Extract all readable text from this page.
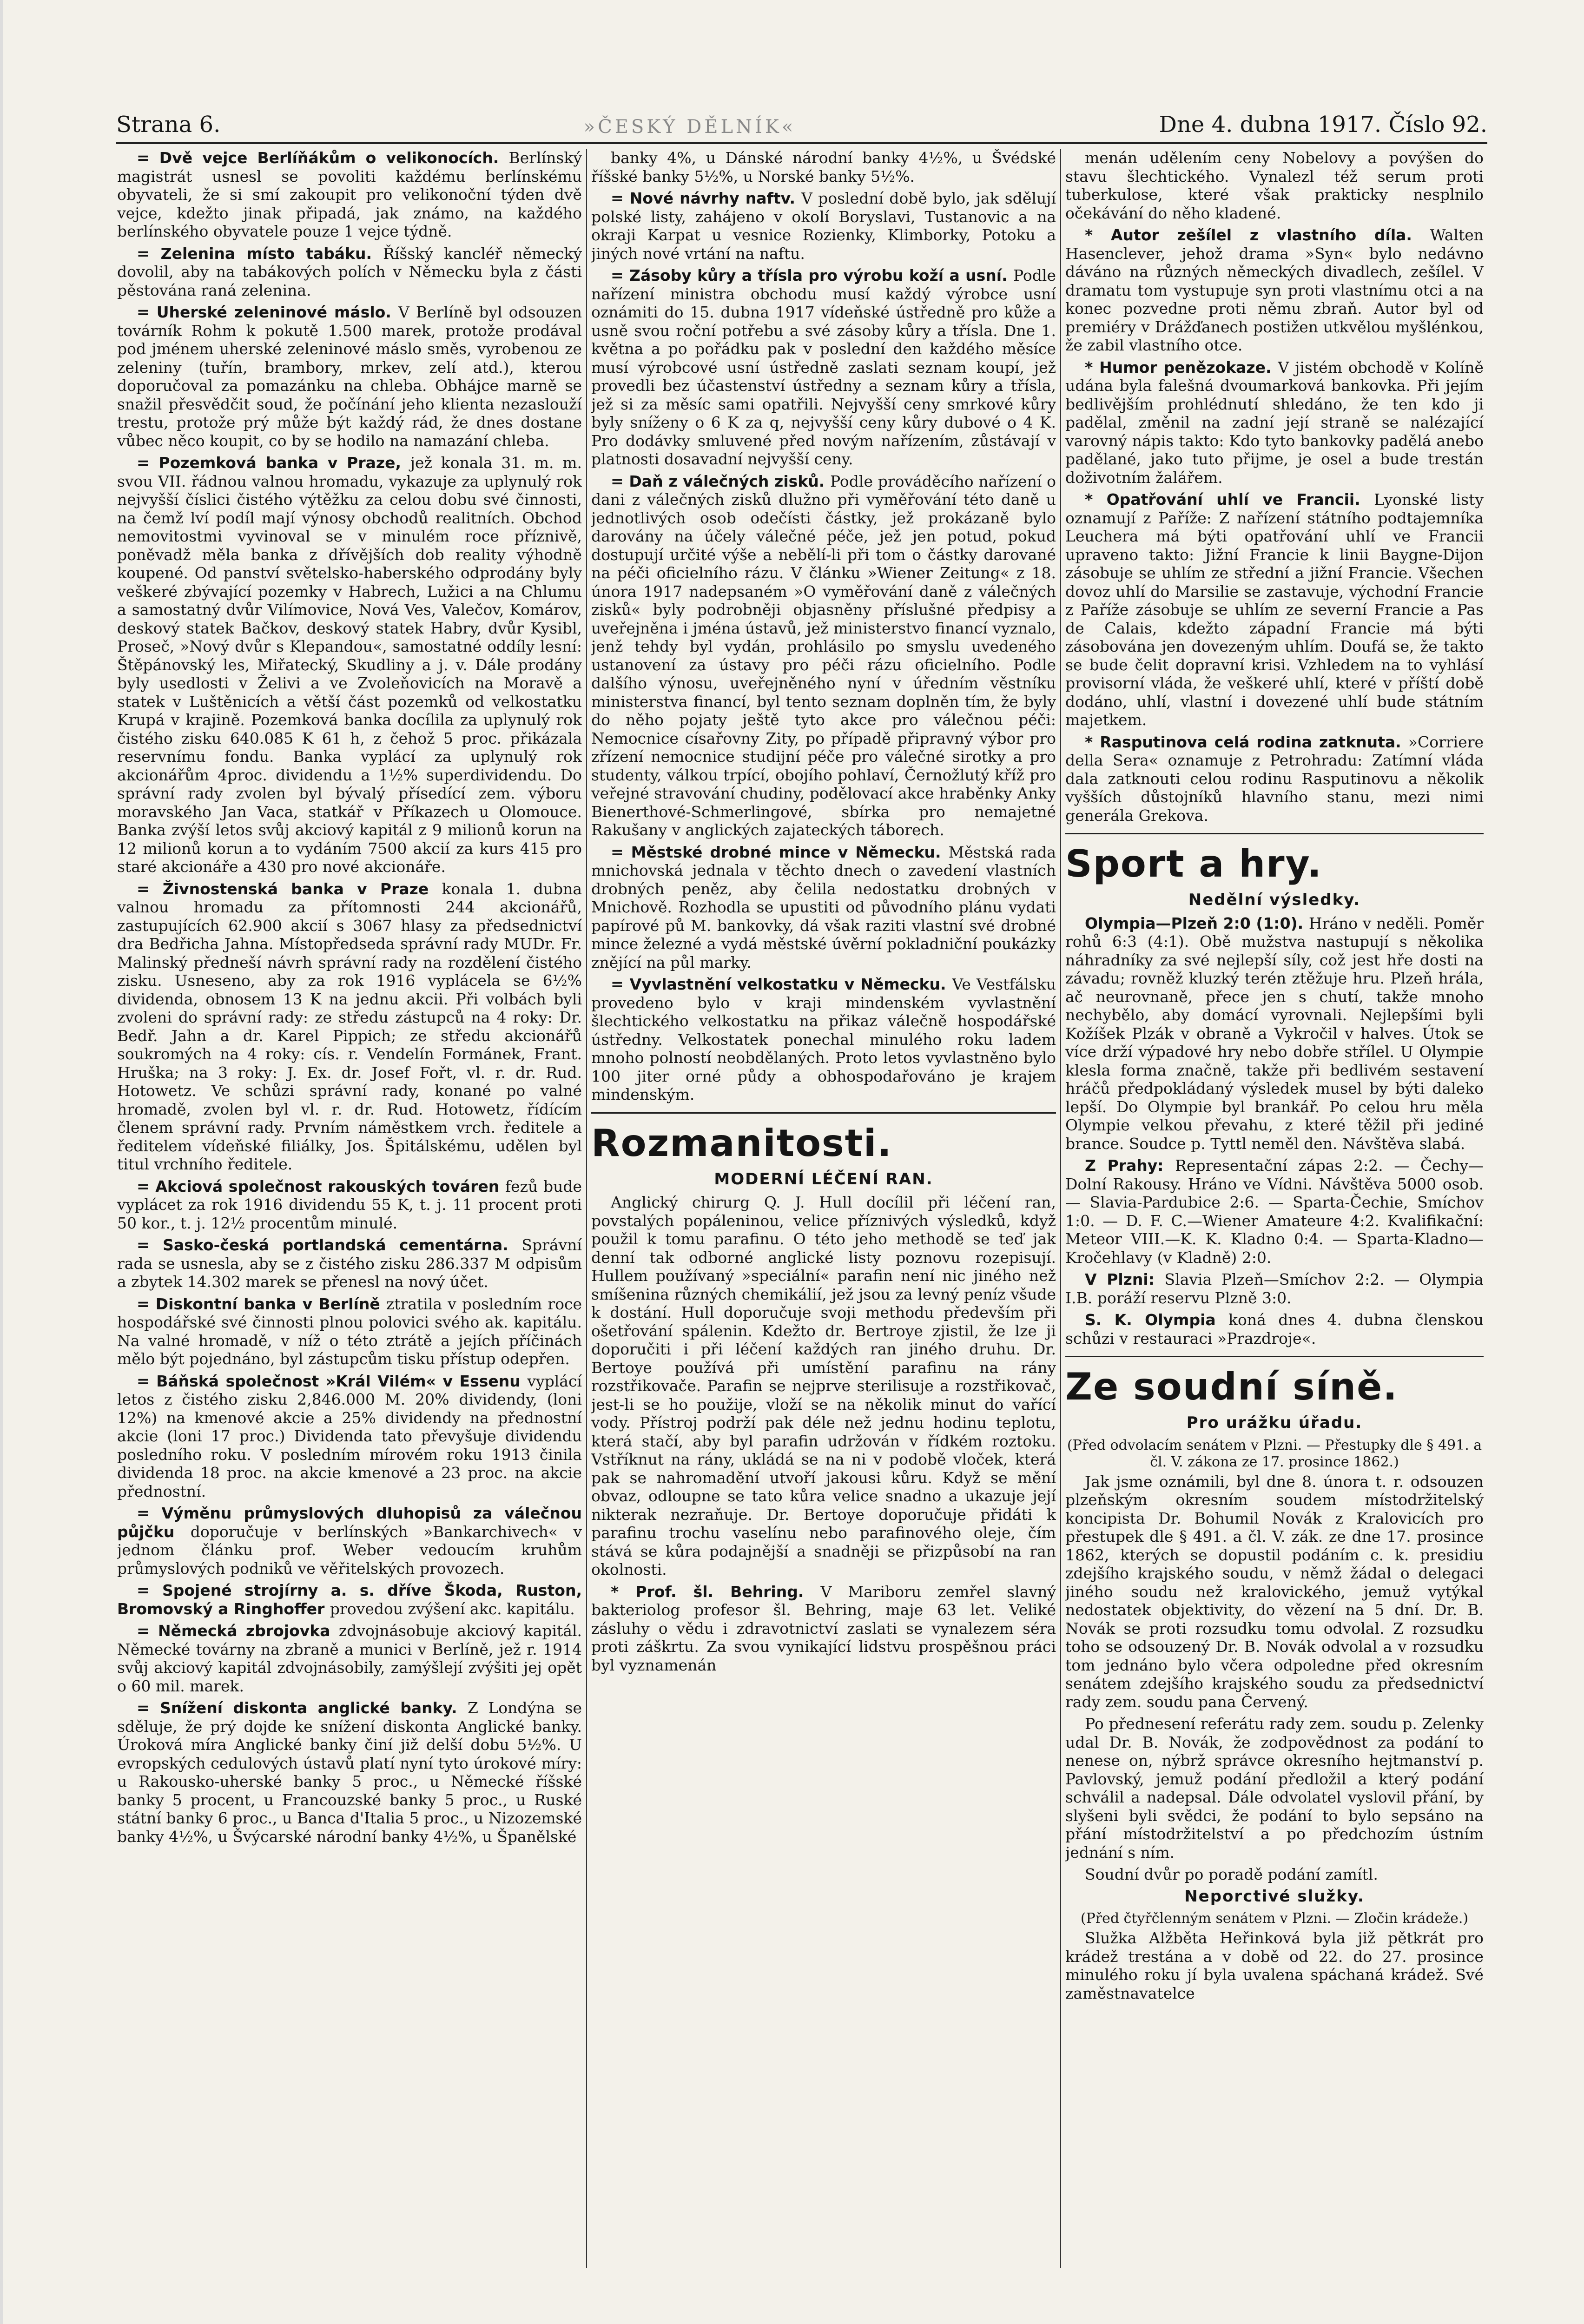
Strana 6.	»ČESKÝ DĚLNÍK«	Dne 4. dubna 1917. Číslo 92.

= Dvě vejce Berlíňákům o velikonocích. Berlínský magistrát usnesl se povoliti každému berlínskému obyvateli, že si smí zakoupit pro velikonoční týden dvě vejce, kdežto jinak připadá, jak známo, na každého berlínského obyvatele pouze 1 vejce týdně.

= Zelenina místo tabáku. Říšský kancléř německý dovolil, aby na tabákových polích v Německu byla z části pěstována raná zelenina.

= Uherské zeleninové máslo. V Berlíně byl odsouzen továrník Rohm k pokutě 1.500 marek, protože prodával pod jménem uherské zeleninové máslo směs, vyrobenou ze zeleniny (tuřín, brambory, mrkev, zelí atd.), kterou doporučoval za pomazánku na chleba. Obhájce marně se snažil přesvědčit soud, že počínání jeho klienta nezaslouží trestu, protože prý může být každý rád, že dnes dostane vůbec něco koupit, co by se hodilo na namazání chleba.

= Pozemková banka v Praze, jež konala 31. m. m. svou VII. řádnou valnou hromadu, vykazuje za uplynulý rok nejvyšší číslici čistého výtěžku za celou dobu své činnosti, na čemž lví podíl mají výnosy obchodů realitních. Obchod nemovitostmi vyvinoval se v minulém roce příznivě, poněvadž měla banka z dřívějších dob reality výhodně koupené. Od panství světelsko-haberského odprodány byly veškeré zbývající pozemky v Habrech, Lužici a na Chlumu a samostatný dvůr Vilímovice, Nová Ves, Valečov, Komárov, deskový statek Bačkov, deskový statek Habry, dvůr Kysibl, Proseč, »Nový dvůr s Klepandou«, samostatné oddíly lesní: Štěpánovský les, Miřatecký, Skudliny a j. v. Dále prodány byly usedlosti v Želivi a ve Zvoleňovicích na Moravě a statek v Luštěnicích a větší část pozemků od velkostatku Krupá v krajině. Pozemková banka docílila za uplynulý rok čistého zisku 640.085 K 61 h, z čehož 5 proc. přikázala reservnímu fondu. Banka vyplácí za uplynulý rok akcionářům 4proc. dividendu a 1½% superdividendu. Do správní rady zvolen byl bývalý přísedící zem. výboru moravského Jan Vaca, statkář v Příkazech u Olomouce. Banka zvýší letos svůj akciový kapitál z 9 milionů korun na 12 milionů korun a to vydáním 7500 akcií za kurs 415 pro staré akcionáře a 430 pro nové akcionáře.

= Živnostenská banka v Praze konala 1. dubna valnou hromadu za přítomnosti 244 akcionářů, zastupujících 62.900 akcií s 3067 hlasy za předsednictví dra Bedřicha Jahna. Místopředseda správní rady MUDr. Fr. Malinský předneší návrh správní rady na rozdělení čistého zisku. Usneseno, aby za rok 1916 vyplácela se 6½% dividenda, obnosem 13 K na jednu akcii. Při volbách byli zvoleni do správní rady: ze středu zástupců na 4 roky: Dr. Bedř. Jahn a dr. Karel Pippich; ze středu akcionářů soukromých na 4 roky: cís. r. Vendelín Formánek, Frant. Hruška; na 3 roky: J. Ex. dr. Josef Fořt, vl. r. dr. Rud. Hotowetz. Ve schůzi správní rady, konané po valné hromadě, zvolen byl vl. r. dr. Rud. Hotowetz, řídícím členem správní rady. Prvním náměstkem vrch. ředitele a ředitelem vídeňské filiálky, Jos. Špitálskému, udělen byl titul vrchního ředitele.

= Akciová společnost rakouských továren fezů bude vyplácet za rok 1916 dividendu 55 K, t. j. 11 procent proti 50 kor., t. j. 12½ procentům minulé.

= Sasko-česká portlandská cementárna. Správní rada se usnesla, aby se z čistého zisku 286.337 M odpisům a zbytek 14.302 marek se přenesl na nový účet.

= Diskontní banka v Berlíně ztratila v posledním roce hospodářské své činnosti plnou polovici svého ak. kapitálu. Na valné hromadě, v níž o této ztrátě a jejích příčinách mělo být pojednáno, byl zástupcům tisku přístup odepřen.

= Báňská společnost »Král Vilém« v Essenu vyplácí letos z čistého zisku 2,846.000 M. 20% dividendy, (loni 12%) na kmenové akcie a 25% dividendy na přednostní akcie (loni 17 proc.) Dividenda tato převyšuje dividendu posledního roku. V posledním mírovém roku 1913 činila dividenda 18 proc. na akcie kmenové a 23 proc. na akcie přednostní.

= Výměnu průmyslových dluhopisů za válečnou půjčku doporučuje v berlínských »Bankarchivech« v jednom článku prof. Weber vedoucím kruhům průmyslových podniků ve věřitelských provozech.

= Spojené strojírny a. s. dříve Škoda, Ruston, Bromovský a Ringhoffer provedou zvýšení akc. kapitálu.

= Německá zbrojovka zdvojnásobuje akciový kapitál. Německé továrny na zbraně a munici v Berlíně, jež r. 1914 svůj akciový kapitál zdvojnásobily, zamýšlejí zvýšiti jej opět o 60 mil. marek.

= Snížení diskonta anglické banky. Z Londýna se sděluje, že prý dojde ke snížení diskonta Anglické banky. Úroková míra Anglické banky činí již delší dobu 5½%. U evropských cedulových ústavů platí nyní tyto úrokové míry: u Rakousko-uherské banky 5 proc., u Německé říšské banky 5 procent, u Francouzské banky 5 proc., u Ruské státní banky 6 proc., u Banca d'Italia 5 proc., u Nizozemské banky 4½%, u Švýcarské národní banky 4½%, u Španělské

banky 4%, u Dánské národní banky 4½%, u Švédské říšské banky 5½%, u Norské banky 5½%.

= Nové návrhy naftv. V poslední době bylo, jak sdělují polské listy, zahájeno v okolí Boryslavi, Tustanovic a na okraji Karpat u vesnice Rozienky, Klimborky, Potoku a jiných nové vrtání na naftu.

= Zásoby kůry a třísla pro výrobu koží a usní. Podle nařízení ministra obchodu musí každý výrobce usní oznámiti do 15. dubna 1917 vídeňské ústředně pro kůže a usně svou roční potřebu a své zásoby kůry a třísla. Dne 1. května a po pořádku pak v poslední den každého měsíce musí výrobcové usní ústředně zaslati seznam koupí, jež provedli bez účastenství ústředny a seznam kůry a třísla, jež si za měsíc sami opatřili. Nejvyšší ceny smrkové kůry byly sníženy o 6 K za q, nejvyšší ceny kůry dubové o 4 K. Pro dodávky smluvené před novým nařízením, zůstávají v platnosti dosavadní nejvyšší ceny.

= Daň z válečných zisků. Podle prováděcího nařízení o dani z válečných zisků dlužno při vyměřování této daně u jednotlivých osob odečísti částky, jež prokázaně bylo darovány na účely válečné péče, jež jen potud, pokud dostupují určité výše a nebělí-li při tom o částky darované na péči oficielního rázu. V článku »Wiener Zeitung« z 18. února 1917 nadepsaném »O vyměřování daně z válečných zisků« byly podrobněji objasněny příslušné předpisy a uveřejněna i jména ústavů, jež ministerstvo financí vyznalo, jenž tehdy byl vydán, prohlásilo po smyslu uvedeného ustanovení za ústavy pro péči rázu oficielního. Podle dalšího výnosu, uveřejněného nyní v úředním věstníku ministerstva financí, byl tento seznam doplněn tím, že byly do něho pojaty ještě tyto akce pro válečnou péči: Nemocnice císařovny Zity, po případě připravný výbor pro zřízení nemocnice studijní péče pro válečné sirotky a pro studenty, válkou trpící, obojího pohlaví, Černožlutý kříž pro veřejné stravování chudiny, podělovací akce hraběnky Anky Bienerthové-Schmerlingové, sbírka pro nemajetné Rakušany v anglických zajateckých táborech.

= Městské drobné mince v Německu. Městská rada mnichovská jednala v těchto dnech o zavedení vlastních drobných peněz, aby čelila nedostatku drobných v Mnichově. Rozhodla se upustiti od původního plánu vydati papírové pů M. bankovky, dá však raziti vlastní své drobné mince železné a vydá městské úvěrní pokladniční poukázky znějící na půl marky.

= Vyvlastnění velkostatku v Německu. Ve Vestfálsku provedeno bylo v kraji mindenském vyvlastnění šlechtického velkostatku na přikaz válečně hospodářské ústředny. Velkostatek ponechal minulého roku ladem mnoho polností neobdělaných. Proto letos vyvlastněno bylo 100 jiter orné půdy a obhospodařováno je krajem mindenským.

Rozmanitosti.
MODERNÍ LÉČENÍ RAN.

Anglický chirurg Q. J. Hull docílil při léčení ran, povstalých popáleninou, velice příznivých výsledků, když použil k tomu parafinu. O této jeho methodě se teď jak denní tak odborné anglické listy poznovu rozepisují. Hullem používaný »speciální« parafin není nic jiného než smíšenina různých chemikálií, jež jsou za levný peníz všude k dostání. Hull doporučuje svoji methodu především při ošetřování spálenin. Kdežto dr. Bertroye zjistil, že lze ji doporučiti i při léčení každých ran jiného druhu. Dr. Bertoye používá při umístění parafinu na rány rozstřikovače. Parafin se nejprve sterilisuje a rozstřikovač, jest-li se ho použije, vloží se na několik minut do vařící vody. Přístroj podrží pak déle než jednu hodinu teplotu, která stačí, aby byl parafin udržován v řídkém roztoku. Vstříknut na rány, ukládá se na ni v podobě vloček, která pak se nahromadění utvoří jakousi kůru. Když se mění obvaz, odloupne se tato kůra velice snadno a ukazuje její nikterak nezraňuje. Dr. Bertoye doporučuje přidáti k parafinu trochu vaselínu nebo parafinového oleje, čím stává se kůra podajnější a snadněji se přizpůsobí na ran okolnosti.

* Prof. šl. Behring. V Mariboru zemřel slavný bakteriolog profesor šl. Behring, maje 63 let. Veliké zásluhy o vědu i zdravotnictví zaslati se vynalezem séra proti záškrtu. Za svou vynikající lidstvu prospěšnou práci byl vyznamenán

menán udělením ceny Nobelovy a povýšen do stavu šlechtického. Vynalezl též serum proti tuberkulose, které však prakticky nesplnilo očekávání do něho kladené.

* Autor zešílel z vlastního díla. Walten Hasenclever, jehož drama »Syn« bylo nedávno dáváno na různých německých divadlech, zešílel. V dramatu tom vystupuje syn proti vlastnímu otci a na konec pozvedne proti němu zbraň. Autor byl od premiéry v Drážďanech postižen utkvělou myšlénkou, že zabil vlastního otce.

* Humor penězokaze. V jistém obchodě v Kolíně udána byla falešná dvoumarková bankovka. Při jejím bedlivějším prohlédnutí shledáno, že ten kdo ji padělal, změnil na zadní její straně se nalézající varovný nápis takto: Kdo tyto bankovky padělá anebo padělané, jako tuto přijme, je osel a bude trestán doživotním žalářem.

* Opatřování uhlí ve Francii. Lyonské listy oznamují z Paříže: Z nařízení státního podtajemníka Leuchera má býti opatřování uhlí ve Francii upraveno takto: Jižní Francie k linii Baygne-Dijon zásobuje se uhlím ze střední a jižní Francie. Všechen dovoz uhlí do Marsilie se zastavuje, východní Francie z Paříže zásobuje se uhlím ze severní Francie a Pas de Calais, kdežto západní Francie má býti zásobována jen dovezeným uhlím. Doufá se, že takto se bude čelit dopravní krisi. Vzhledem na to vyhlásí provisorní vláda, že veškeré uhlí, které v příští době dodáno, uhlí, vlastní i dovezené uhlí bude státním majetkem.

* Rasputinova celá rodina zatknuta. »Corriere della Sera« oznamuje z Petrohradu: Zatímní vláda dala zatknouti celou rodinu Rasputinovu a několik vyšších důstojníků hlavního stanu, mezi nimi generála Grekova.

Sport a hry.
Nedělní výsledky.

Olympia—Plzeň 2:0 (1:0). Hráno v neděli. Poměr rohů 6:3 (4:1). Obě mužstva nastupují s několika náhradníky za své nejlepší síly, což jest hře dosti na závadu; rovněž kluzký terén ztěžuje hru. Plzeň hrála, ač neurovnaně, přece jen s chutí, takže mnoho nechybělo, aby domácí vyrovnali. Nejlepšími byli Kožíšek Plzák v obraně a Vykročil v halves. Útok se více drží výpadové hry nebo dobře střílel. U Olympie klesla forma značně, takže při bedlivém sestavení hráčů předpokládaný výsledek musel by býti daleko lepší. Do Olympie byl brankář. Po celou hru měla Olympie velkou převahu, z které těžil při jediné brance. Soudce p. Tyttl neměl den. Návštěva slabá.

Z Prahy: Representační zápas 2:2. — Čechy—Dolní Rakousy. Hráno ve Vídni. Návštěva 5000 osob. — Slavia-Pardubice 2:6. — Sparta-Čechie, Smíchov 1:0. — D. F. C.—Wiener Amateure 4:2. Kvalifikační: Meteor VIII.—K. K. Kladno 0:4. — Sparta-Kladno—Kročehlavy (v Kladně) 2:0.

V Plzni: Slavia Plzeň—Smíchov 2:2. — Olympia I.B. poráží reservu Plzně 3:0.

S. K. Olympia koná dnes 4. dubna členskou schůzi v restauraci »Prazdroje«.

Ze soudní síně.
Pro urážku úřadu.
(Před odvolacím senátem v Plzni. — Přestupky dle § 491. a čl. V. zákona ze 17. prosince 1862.)

Jak jsme oznámili, byl dne 8. února t. r. odsouzen plzeňským okresním soudem místodržitelský koncipista Dr. Bohumil Novák z Kralovicích pro přestupek dle § 491. a čl. V. zák. ze dne 17. prosince 1862, kterých se dopustil podáním c. k. presidiu zdejšího krajského soudu, v němž žádal o delegaci jiného soudu než kralovického, jemuž vytýkal nedostatek objektivity, do vězení na 5 dní. Dr. B. Novák se proti rozsudku tomu odvolal. Z rozsudku toho se odsouzený Dr. B. Novák odvolal a v rozsudku tom jednáno bylo včera odpoledne před okresním senátem zdejšího krajského soudu za předsednictví rady zem. soudu pana Červený.

Po přednesení referátu rady zem. soudu p. Zelenky udal Dr. B. Novák, že zodpovědnost za podání to nenese on, nýbrž správce okresního hejtmanství p. Pavlovský, jemuž podání předložil a který podání schválil a nadepsal. Dále odvolatel vyslovil přání, by slyšeni byli svědci, že podání to bylo sepsáno na přání místodržitelství a po předchozím ústním jednání s ním.

Soudní dvůr po poradě podání zamítl.

Neporctivé služky.
(Před čtyřčlenným senátem v Plzni. — Zločin krádeže.)

Služka Alžběta Heřinková byla již pětkrát pro krádež trestána a v době od 22. do 27. prosince minulého roku jí byla uvalena spáchaná krádež. Své zaměstnavatelce
